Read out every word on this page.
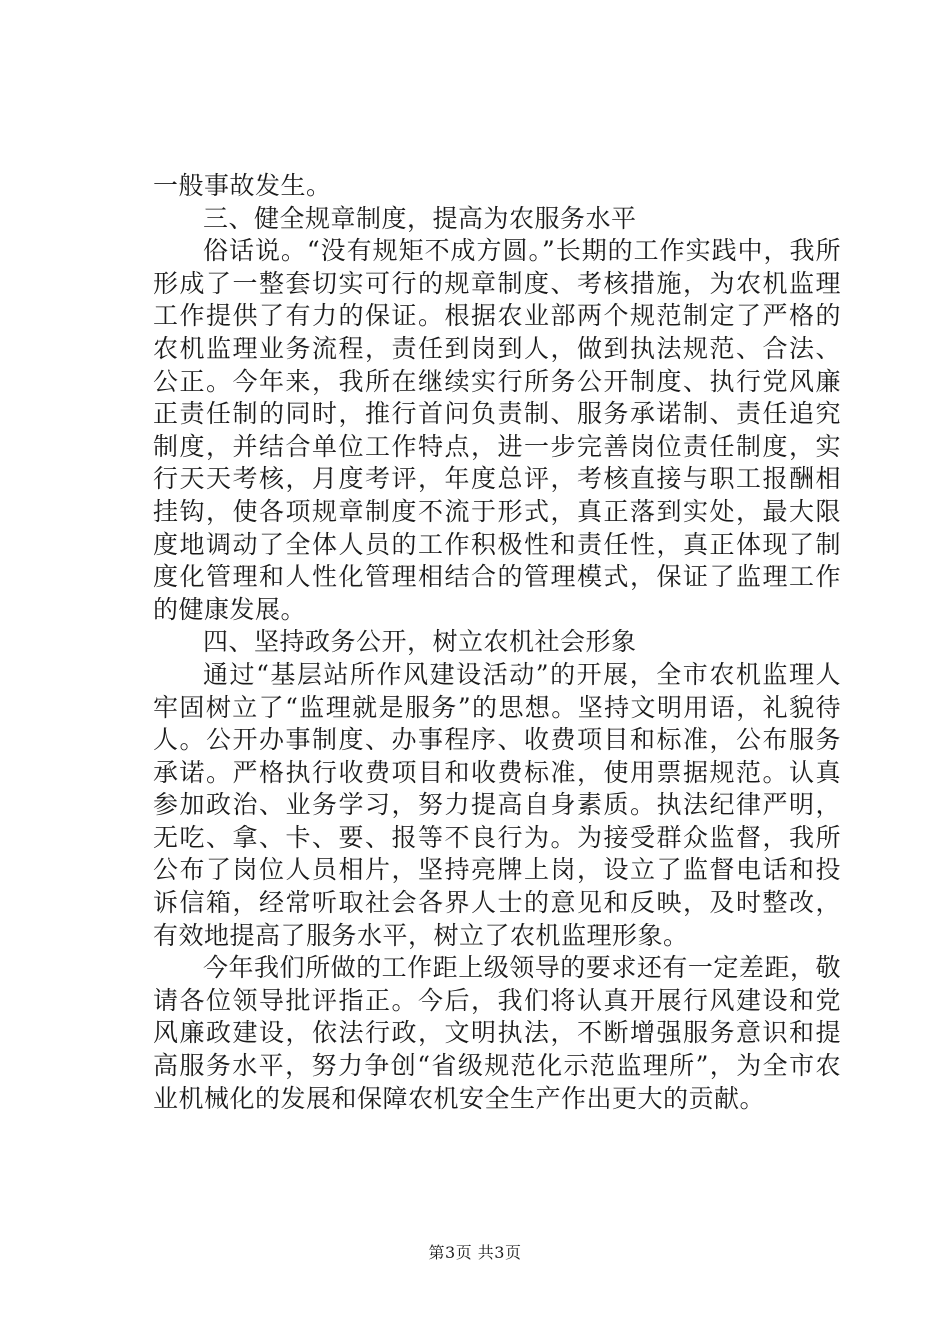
一般事故发生。

三、健全规章制度，提高为农服务水平

俗话说。“没有规矩不成方圆。”长期的工作实践中，我所形成了一整套切实可行的规章制度、考核措施，为农机监理工作提供了有力的保证。根据农业部两个规范制定了严格的农机监理业务流程，责任到岗到人，做到执法规范、合法、公正。今年来，我所在继续实行所务公开制度、执行党风廉正责任制的同时，推行首问负责制、服务承诺制、责任追究制度，并结合单位工作特点，进一步完善岗位责任制度，实行天天考核，月度考评，年度总评，考核直接与职工报酬相挂钩，使各项规章制度不流于形式，真正落到实处，最大限度地调动了全体人员的工作积极性和责任性，真正体现了制度化管理和人性化管理相结合的管理模式，保证了监理工作的健康发展。

四、坚持政务公开，树立农机社会形象

通过“基层站所作风建设活动”的开展，全市农机监理人牢固树立了“监理就是服务”的思想。坚持文明用语，礼貌待人。公开办事制度、办事程序、收费项目和标准，公布服务承诺。严格执行收费项目和收费标准，使用票据规范。认真参加政治、业务学习，努力提高自身素质。执法纪律严明，无吃、拿、卡、要、报等不良行为。为接受群众监督，我所公布了岗位人员相片，坚持亮牌上岗，设立了监督电话和投诉信箱，经常听取社会各界人士的意见和反映，及时整改，有效地提高了服务水平，树立了农机监理形象。

今年我们所做的工作距上级领导的要求还有一定差距，敬请各位领导批评指正。今后，我们将认真开展行风建设和党风廉政建设，依法行政，文明执法，不断增强服务意识和提高服务水平，努力争创“省级规范化示范监理所”，为全市农业机械化的发展和保障农机安全生产作出更大的贡献。

第3页 共3页
